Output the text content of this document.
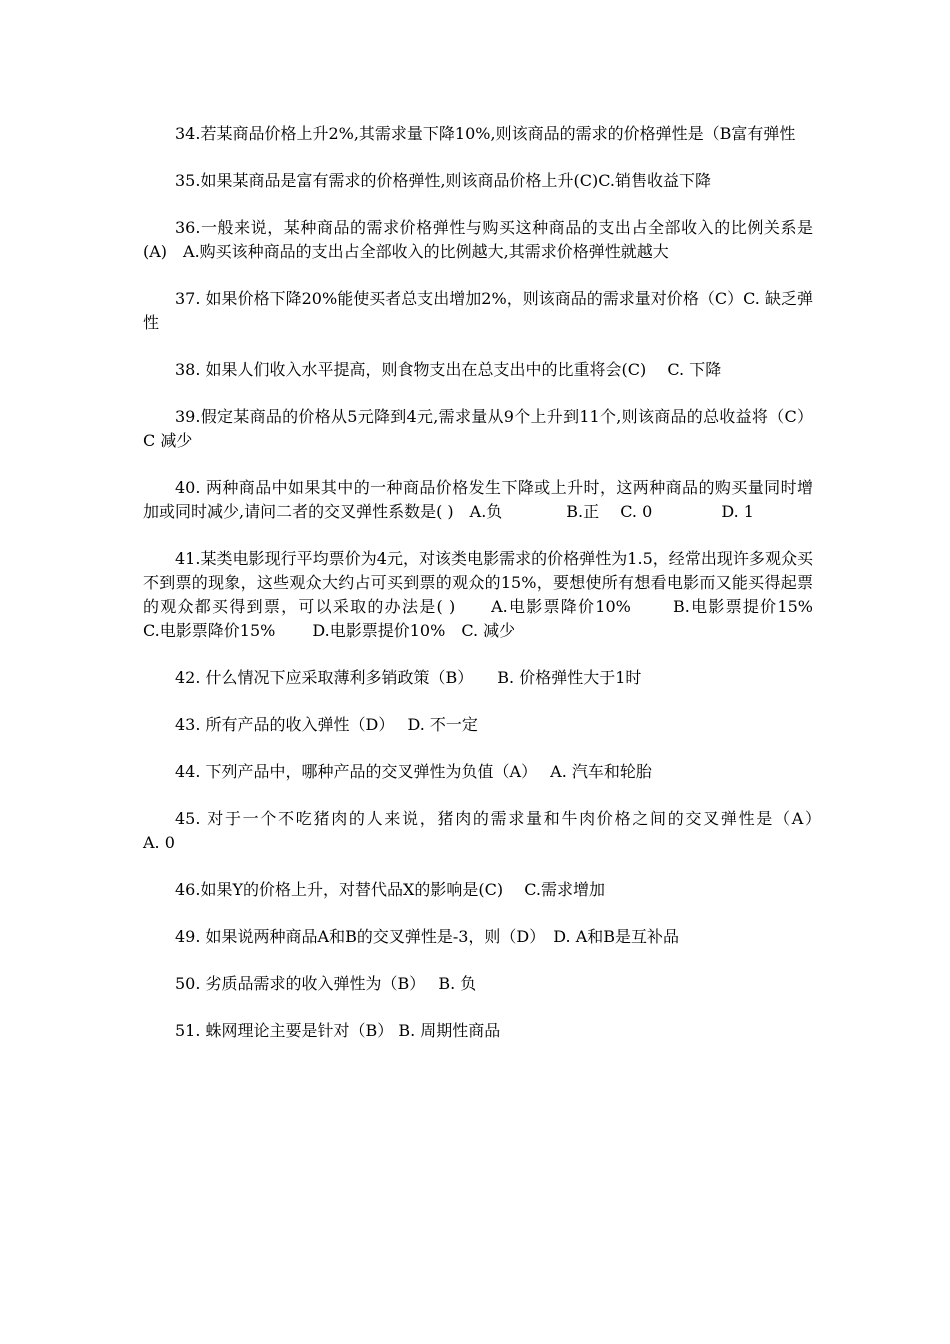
34.若某商品价格上升2%,其需求量下降10%,则该商品的需求的价格弹性是（B富有弹性

35.如果某商品是富有需求的价格弹性,则该商品价格上升(C)C.销售收益下降

36.一般来说，某种商品的需求价格弹性与购买这种商品的支出占全部收入的比例关系是(A)　A.购买该种商品的支出占全部收入的比例越大,其需求价格弹性就越大

37. 如果价格下降20%能使买者总支出增加2%，则该商品的需求量对价格（C）C. 缺乏弹性

38. 如果人们收入水平提高，则食物支出在总支出中的比重将会(C)　 C. 下降

39.假定某商品的价格从5元降到4元,需求量从9个上升到11个,则该商品的总收益将（C） C 减少

40. 两种商品中如果其中的一种商品价格发生下降或上升时，这两种商品的购买量同时增加或同时减少,请问二者的交叉弹性系数是( )　A.负　　　　B.正　 C. 0　　　　 D. 1

41.某类电影现行平均票价为4元，对该类电影需求的价格弹性为1.5，经常出现许多观众买不到票的现象，这些观众大约占可买到票的观众的15%，要想使所有想看电影而又能买得起票的观众都买得到票，可以采取的办法是( )　　A.电影票降价10%　　 B.电影票提价15%　　 C.电影票降价15%　　 D.电影票提价10%　C. 减少

42. 什么情况下应采取薄利多销政策（B）　　B. 价格弹性大于1时

43. 所有产品的收入弹性（D）　 D. 不一定

44. 下列产品中，哪种产品的交叉弹性为负值（A）　 A. 汽车和轮胎

45. 对于一个不吃猪肉的人来说，猪肉的需求量和牛肉价格之间的交叉弹性是（A）　　　　A. 0

46.如果Y的价格上升，对替代品X的影响是(C)　 C.需求增加

49. 如果说两种商品A和B的交叉弹性是-3，则（D）　D. A和B是互补品

50. 劣质品需求的收入弹性为（B）　 B. 负

51. 蛛网理论主要是针对（B） B. 周期性商品
